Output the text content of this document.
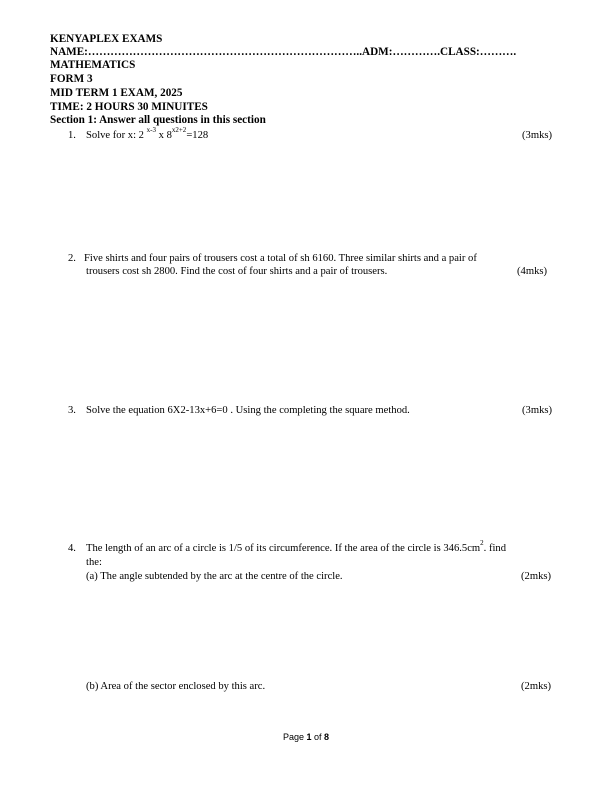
KENYAPLEX EXAMS
NAME:………………………………………………………………..ADM:………….CLASS:……….
MATHEMATICS
FORM 3
MID TERM 1 EXAM, 2025
TIME: 2 HOURS 30 MINUITES
Section 1: Answer all questions in this section
1. Solve for x: 2 $^{x-3}$ x $8^{x2+2}=128$	(3mks)
2. Five shirts and four pairs of trousers cost a total of sh 6160. Three similar shirts and a pair of
trousers cost sh 2800. Find the cost of four shirts and a pair of trousers.	(4mks)
3. Solve the equation 6X2-13x+6=0 . Using the completing the square method.	(3mks)
4. The length of an arc of a circle is 1/5 of its circumference. If the area of the circle is $346.5cm^2$. find
the:
(a) The angle subtended by the arc at the centre of the circle.	(2mks)
(b) Area of the sector enclosed by this arc.	(2mks)
Page 1 of 8
